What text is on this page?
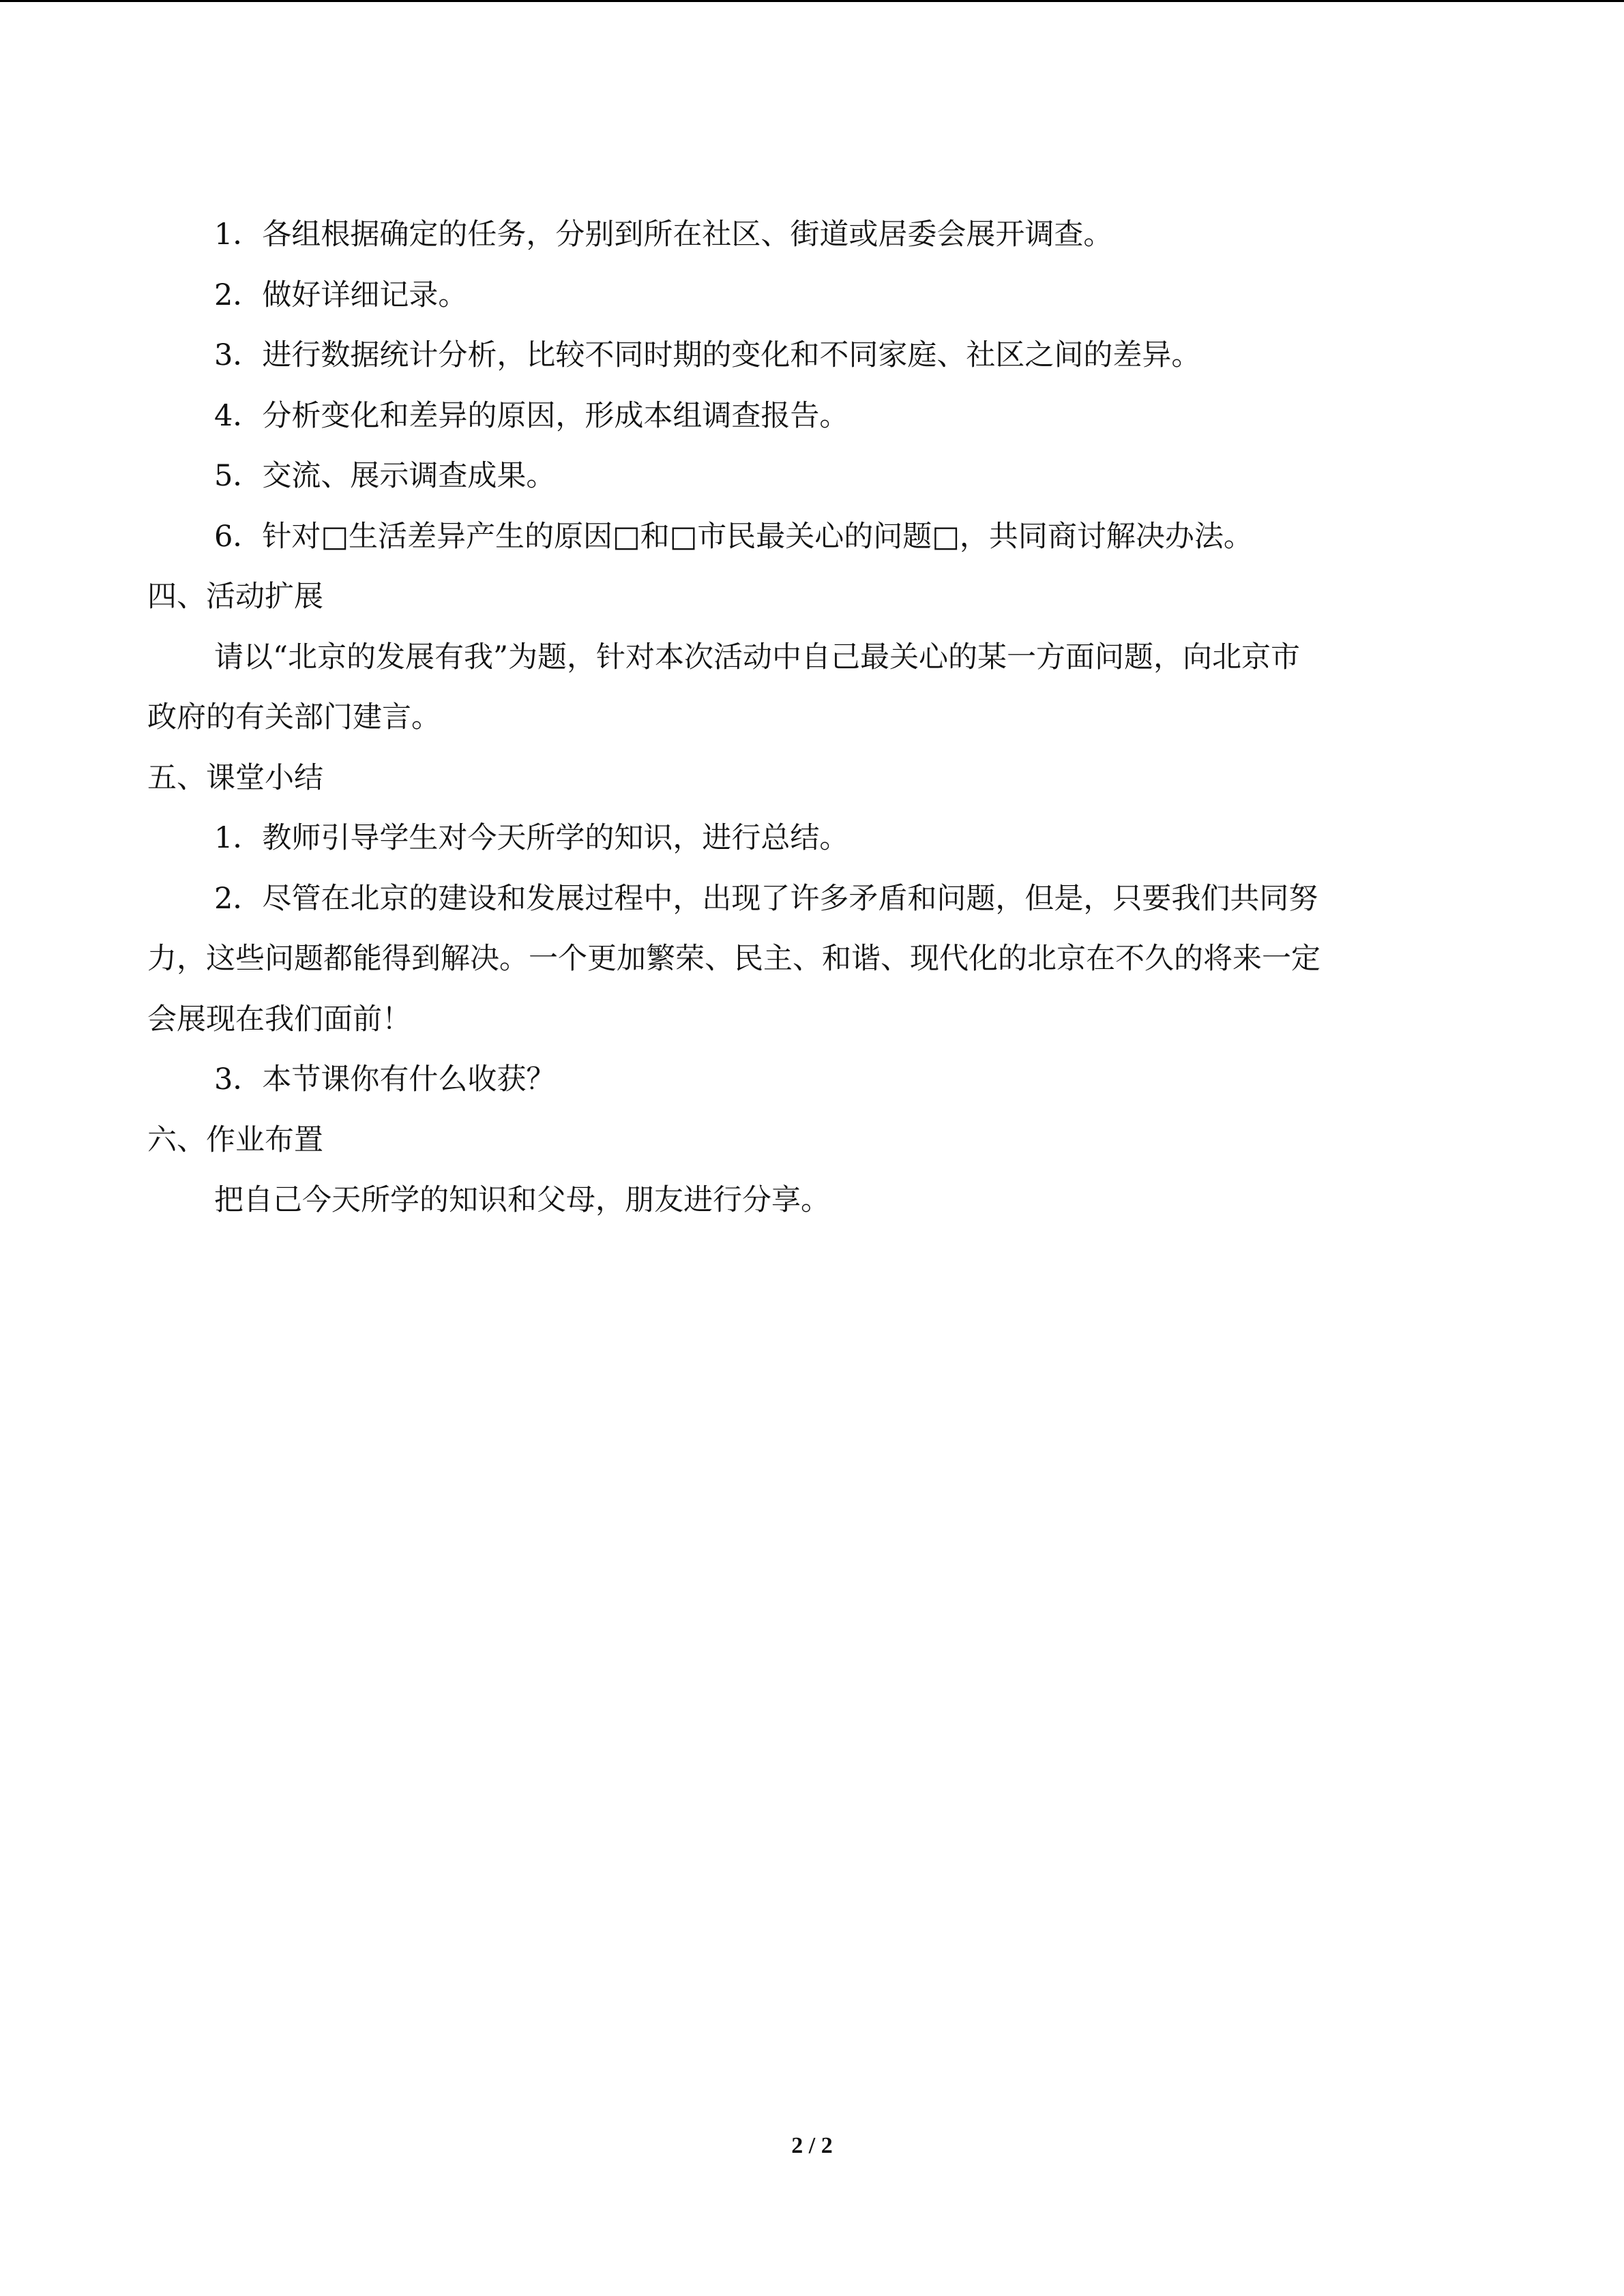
1．各组根据确定的任务，分别到所在社区、街道或居委会展开调查。
2．做好详细记录。
3．进行数据统计分析，比较不同时期的变化和不同家庭、社区之间的差异。
4．分析变化和差异的原因，形成本组调查报告。
5．交流、展示调查成果。
6．针对□生活差异产生的原因□和□市民最关心的问题□，共同商讨解决办法。
四、活动扩展
请以“北京的发展有我”为题，针对本次活动中自己最关心的某一方面问题，向北京市
政府的有关部门建言。
五、课堂小结
1．教师引导学生对今天所学的知识，进行总结。
2．尽管在北京的建设和发展过程中，出现了许多矛盾和问题，但是，只要我们共同努
力，这些问题都能得到解决。一个更加繁荣、民主、和谐、现代化的北京在不久的将来一定
会展现在我们面前！
3．本节课你有什么收获？
六、作业布置
把自己今天所学的知识和父母，朋友进行分享。
2 / 2
